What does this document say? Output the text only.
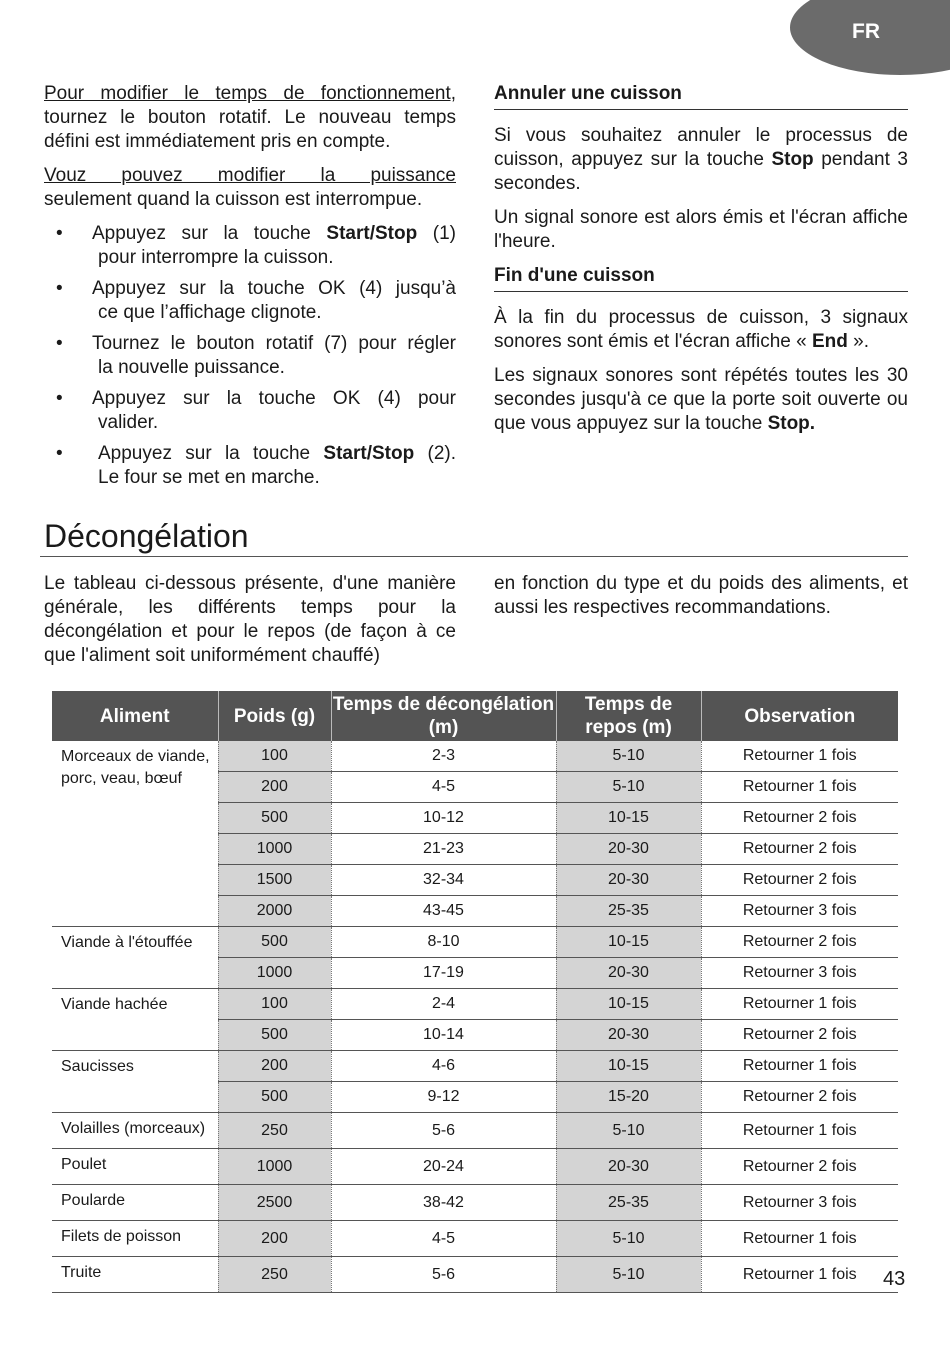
FR

Pour modifier le temps de fonctionnement, tournez le bouton rotatif. Le nouveau temps défini est immédiatement pris en compte.

Vouz pouvez modifier la puissance
seulement quand la cuisson est interrompue.

• Appuyez sur la touche Start/Stop (1)
pour interrompre la cuisson.
• Appuyez sur la touche OK (4) jusqu’à
ce que l’affichage clignote.
• Tournez le bouton rotatif (7) pour régler
la nouvelle puissance.
• Appuyez sur la touche OK (4) pour
valider.
•	Appuyez sur la touche Start/Stop (2).
Le four se met en marche.
Annuler une cuisson

Si vous souhaitez annuler le processus de cuisson, appuyez sur la touche Stop pendant 3 secondes.

Un signal sonore est alors émis et l'écran affiche l'heure.

Fin d'une cuisson

À la fin du processus de cuisson, 3 signaux sonores sont émis et l'écran affiche « End ».

Les signaux sonores sont répétés toutes les 30 secondes jusqu'à ce que la porte soit ouverte ou que vous appuyez sur la touche Stop.

Décongélation

Le tableau ci-dessous présente, d'une manière générale, les différents temps pour la décongélation et pour le repos (de façon à ce que l'aliment soit uniformément chauffé)

en fonction du type et du poids des aliments, et aussi les respectives recommandations.

Aliment	Poids (g)	Temps de décongélation (m)	Temps de repos (m)	Observation
Morceaux de viande, porc, veau, bœuf	100	2-3	5-10	Retourner 1 fois
	200	4-5	5-10	Retourner 1 fois
	500	10-12	10-15	Retourner 2 fois
	1000	21-23	20-30	Retourner 2 fois
	1500	32-34	20-30	Retourner 2 fois
	2000	43-45	25-35	Retourner 3 fois
Viande à l'étouffée	500	8-10	10-15	Retourner 2 fois
	1000	17-19	20-30	Retourner 3 fois
Viande hachée	100	2-4	10-15	Retourner 1 fois
	500	10-14	20-30	Retourner 2 fois
Saucisses	200	4-6	10-15	Retourner 1 fois
	500	9-12	15-20	Retourner 2 fois
Volailles (morceaux)	250	5-6	5-10	Retourner 1 fois
Poulet	1000	20-24	20-30	Retourner 2 fois
Poularde	2500	38-42	25-35	Retourner 3 fois
Filets de poisson	200	4-5	5-10	Retourner 1 fois
Truite	250	5-6	5-10	Retourner 1 fois 43
